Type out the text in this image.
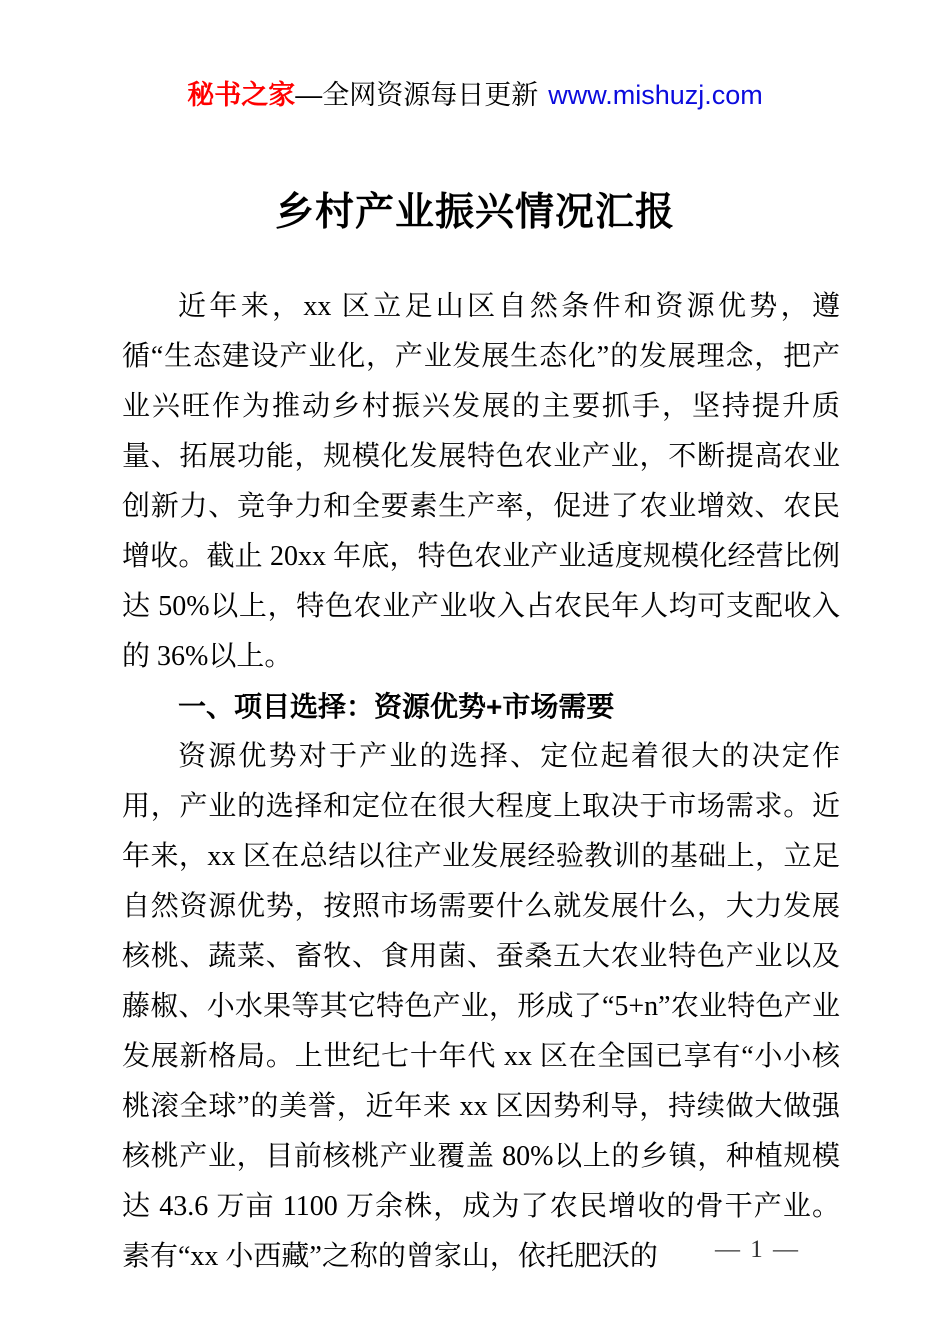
秘书之家—全网资源每日更新 www.mishuzj.com
乡村产业振兴情况汇报

近年来，xx 区立足山区自然条件和资源优势，遵循“生态建设产业化，产业发展生态化”的发展理念，把产业兴旺作为推动乡村振兴发展的主要抓手，坚持提升质量、拓展功能，规模化发展特色农业产业，不断提高农业创新力、竞争力和全要素生产率，促进了农业增效、农民增收。截止 20xx 年底，特色农业产业适度规模化经营比例达 50%以上，特色农业产业收入占农民年人均可支配收入的 36%以上。

一、项目选择：资源优势+市场需要

资源优势对于产业的选择、定位起着很大的决定作用，产业的选择和定位在很大程度上取决于市场需求。近年来，xx 区在总结以往产业发展经验教训的基础上，立足自然资源优势，按照市场需要什么就发展什么，大力发展核桃、蔬菜、畜牧、食用菌、蚕桑五大农业特色产业以及藤椒、小水果等其它特色产业，形成了“5+n”农业特色产业发展新格局。上世纪七十年代 xx 区在全国已享有“小小核桃滚全球”的美誉，近年来 xx 区因势利导，持续做大做强核桃产业，目前核桃产业覆盖 80%以上的乡镇，种植规模达 43.6 万亩 1100 万余株，成为了农民增收的骨干产业。素有“xx 小西藏”之称的曾家山，依托肥沃的	— 1 —
